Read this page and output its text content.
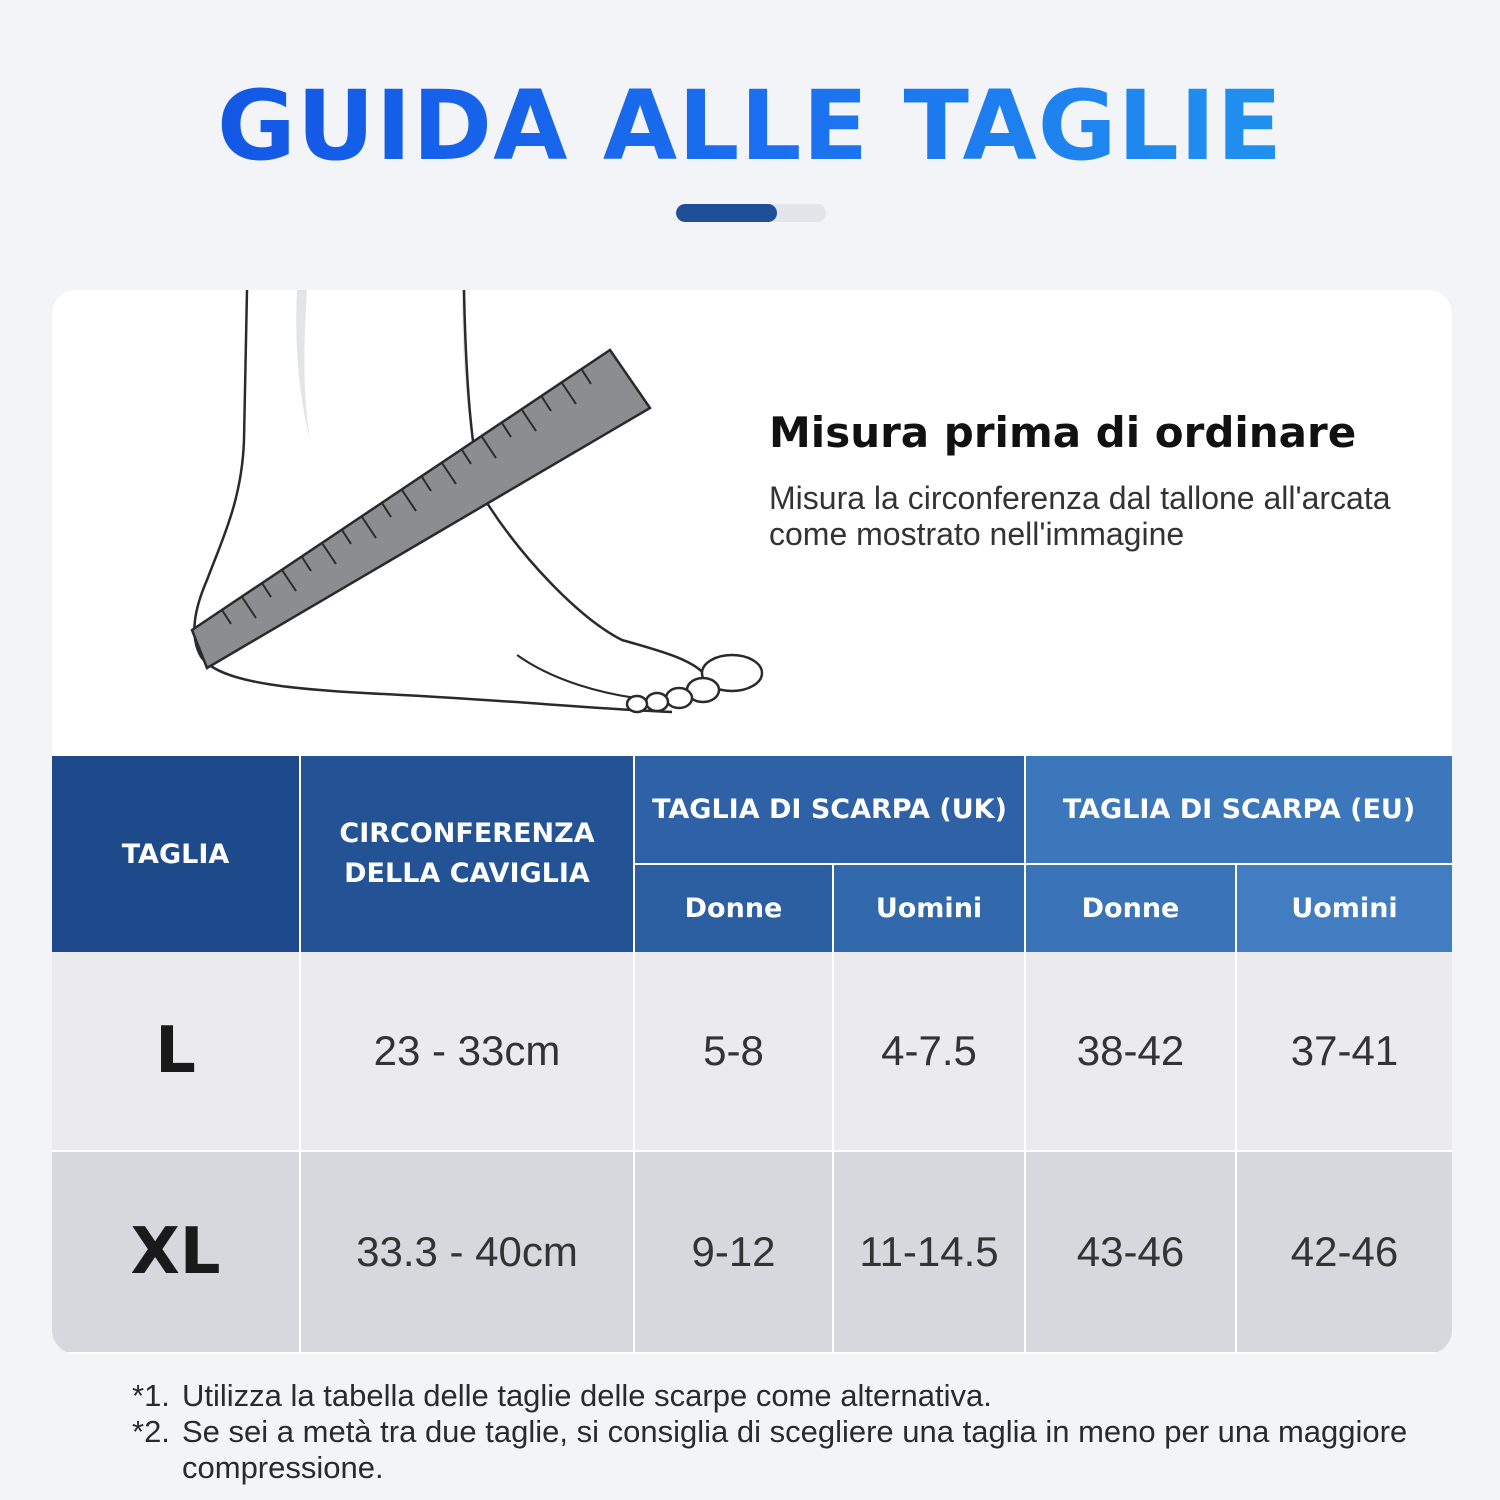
GUIDA ALLE TAGLIE
Misura prima di ordinare

Misura la circonferenza dal tallone all'arcata come mostrato nell'immagine

TAGLIA	CIRCONFERENZA DELLA CAVIGLIA	TAGLIA DI SCARPA (UK)		TAGLIA DI SCARPA (EU)	
		Donne	Uomini	Donne	Uomini
L	23 - 33cm	5-8	4-7.5	38-42	37-41
XL	33.3 - 40cm	9-12	11-14.5	43-46	42-46
*1. Utilizza la tabella delle taglie delle scarpe come alternativa.
*2. Se sei a metà tra due taglie, si consiglia di scegliere una taglia in meno per una maggiore compressione.
